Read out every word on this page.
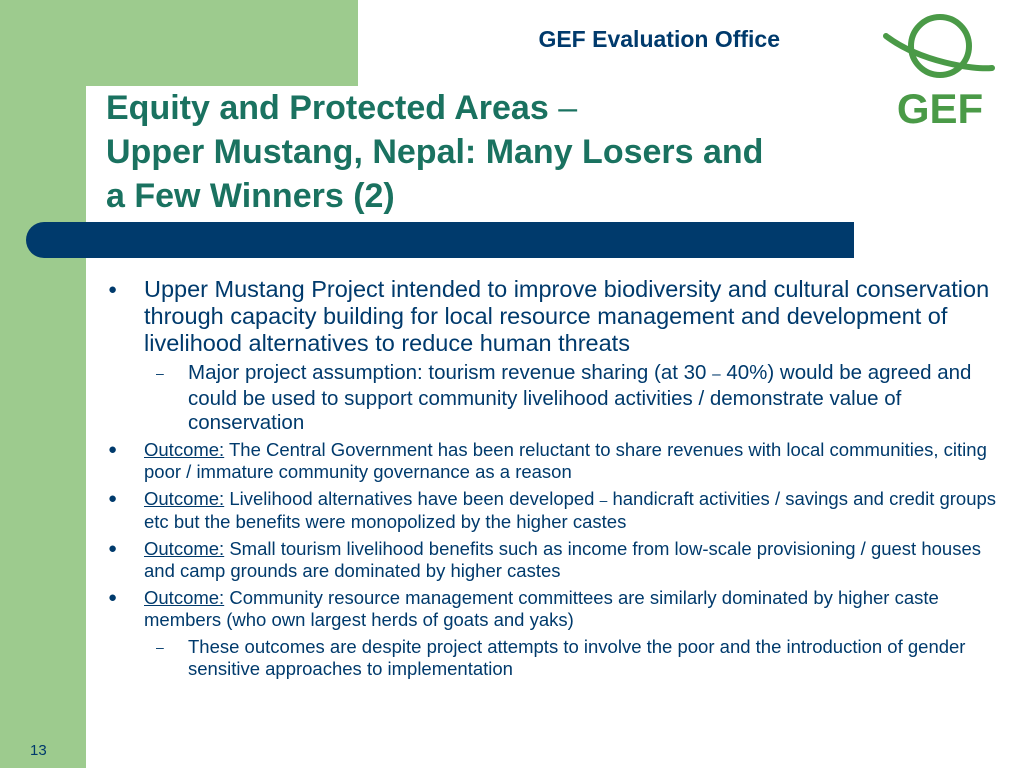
GEF Evaluation Office
GEF
Equity and Protected Areas –
Upper Mustang, Nepal: Many Losers and
a Few Winners (2)

● Upper Mustang Project intended to improve biodiversity and cultural conservation through capacity building for local resource management and development of livelihood alternatives to reduce human threats

– Major project assumption: tourism revenue sharing (at 30 – 40%) would be agreed and could be used to support community livelihood activities / demonstrate value of conservation

● Outcome: The Central Government has been reluctant to share revenues with local communities, citing poor / immature community governance as a reason

● Outcome: Livelihood alternatives have been developed – handicraft activities / savings and credit groups etc but the benefits were monopolized by the higher castes

● Outcome: Small tourism livelihood benefits such as income from low-scale provisioning / guest houses and camp grounds are dominated by higher castes

● Outcome: Community resource management committees are similarly dominated by higher caste members (who own largest herds of goats and yaks)

– These outcomes are despite project attempts to involve the poor and the introduction of gender sensitive approaches to implementation

13
